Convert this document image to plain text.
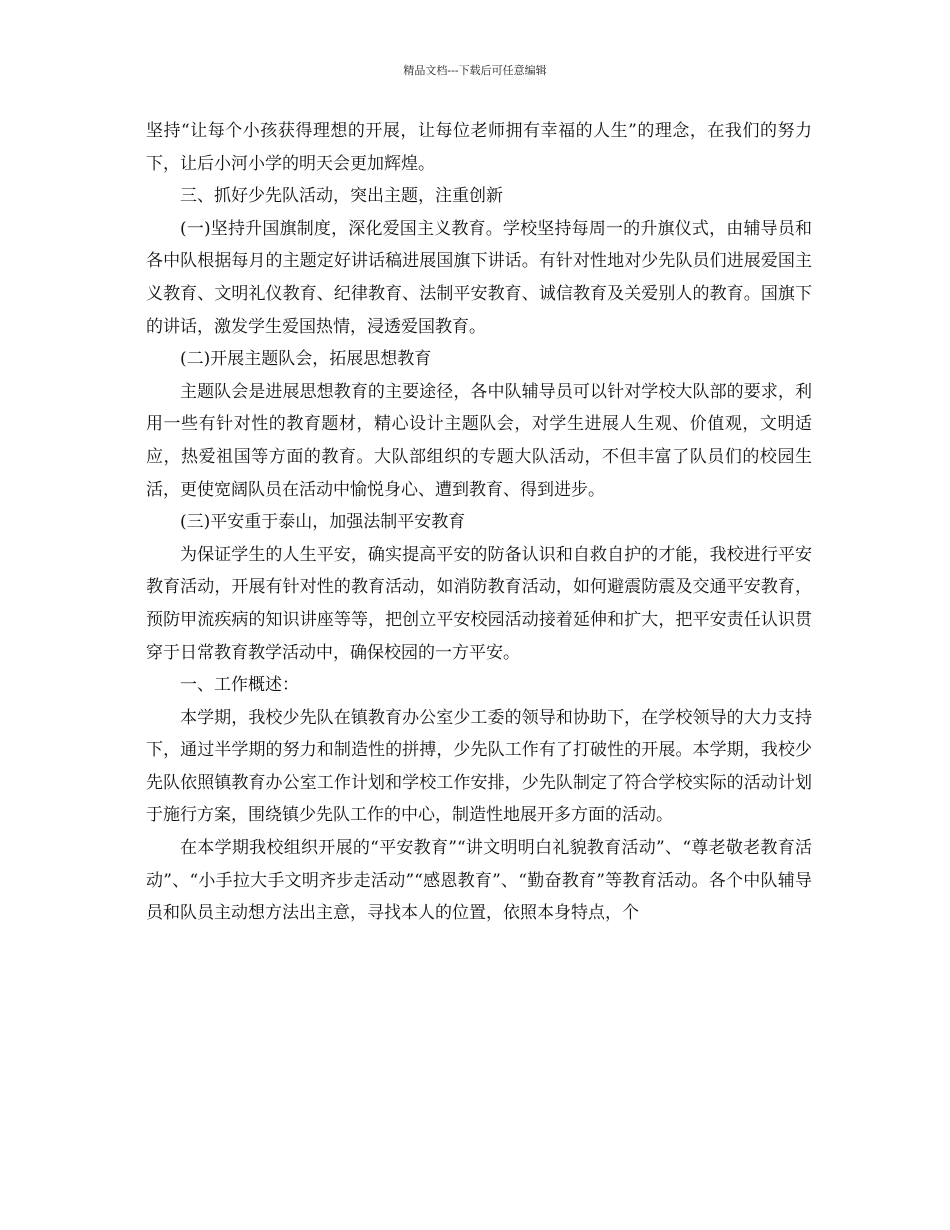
精品文档---下载后可任意编辑

坚持“让每个小孩获得理想的开展，让每位老师拥有幸福的人生”的理念，在我们的努力下，让后小河小学的明天会更加辉煌。

三、抓好少先队活动，突出主题，注重创新

(一)坚持升国旗制度，深化爱国主义教育。学校坚持每周一的升旗仪式，由辅导员和各中队根据每月的主题定好讲话稿进展国旗下讲话。有针对性地对少先队员们进展爱国主义教育、文明礼仪教育、纪律教育、法制平安教育、诚信教育及关爱别人的教育。国旗下的讲话，激发学生爱国热情，浸透爱国教育。

(二)开展主题队会，拓展思想教育

主题队会是进展思想教育的主要途径，各中队辅导员可以针对学校大队部的要求，利用一些有针对性的教育题材，精心设计主题队会，对学生进展人生观、价值观，文明适应，热爱祖国等方面的教育。大队部组织的专题大队活动，不但丰富了队员们的校园生活，更使宽阔队员在活动中愉悦身心、遭到教育、得到进步。

(三)平安重于泰山，加强法制平安教育

为保证学生的人生平安，确实提高平安的防备认识和自救自护的才能，我校进行平安教育活动，开展有针对性的教育活动，如消防教育活动，如何避震防震及交通平安教育，预防甲流疾病的知识讲座等等，把创立平安校园活动接着延伸和扩大，把平安责任认识贯穿于日常教育教学活动中，确保校园的一方平安。

一、工作概述：

本学期，我校少先队在镇教育办公室少工委的领导和协助下，在学校领导的大力支持下，通过半学期的努力和制造性的拼搏，少先队工作有了打破性的开展。本学期，我校少先队依照镇教育办公室工作计划和学校工作安排，少先队制定了符合学校实际的活动计划于施行方案，围绕镇少先队工作的中心，制造性地展开多方面的活动。

在本学期我校组织开展的“平安教育”“讲文明明白礼貌教育活动”、“尊老敬老教育活动”、“小手拉大手文明齐步走活动”“感恩教育”、“勤奋教育”等教育活动。各个中队辅导员和队员主动想方法出主意，寻找本人的位置，依照本身特点，个
